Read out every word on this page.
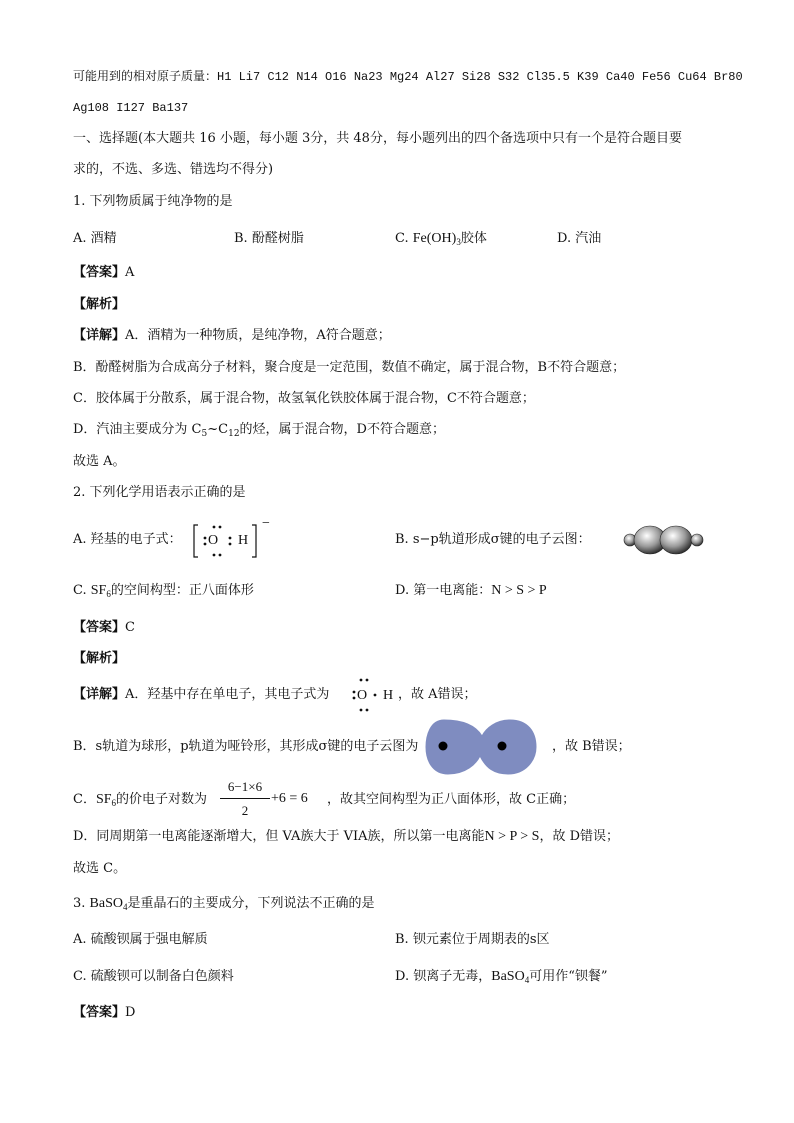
可能用到的相对原子质量：H1 Li7 C12 N14 O16 Na23 Mg24 Al27 Si28 S32 Cl35.5 K39 Ca40 Fe56 Cu64 Br80
Ag108 I127 Ba137
一、选择题(本大题共 16 小题，每小题 3分，共 48分，每小题列出的四个备选项中只有一个是符合题目要
求的，不选、多选、错选均不得分)
1. 下列物质属于纯净物的是
A. 酒精	B. 酚醛树脂	C. $Fe(OH)_3$胶体	D. 汽油
【答案】A
【解析】
【详解】A．酒精为一种物质，是纯净物，A符合题意；
B．酚醛树脂为合成高分子材料，聚合度是一定范围，数值不确定，属于混合物，B不符合题意；
C．胶体属于分散系，属于混合物，故氢氧化铁胶体属于混合物，C不符合题意；
D．汽油主要成分为 $C_5\sim C_{12}$的烃，属于混合物，D不符合题意；
故选 A。
2. 下列化学用语表示正确的是
A. 羟基的电子式： O H
−
B. s−p轨道形成σ键的电子云图：
C. $SF_6$的空间构型：正八面体形	D. 第一电离能：N > S > P
【答案】C
【解析】
【详解】A．羟基中存在单电子，其电子式为 O H ，故 A错误；
B．s轨道为球形，p轨道为哑铃形，其形成σ键的电子云图为	，故 B错误；
C．$SF_6$的价电子对数为
6−1×6
2
+6 = 6 ，故其空间构型为正八面体形，故 C正确；
D．同周期第一电离能逐渐增大，但 VA族大于 VIA族，所以第一电离能N > P > S，故 D错误；
故选 C。
3. BaSO$_4$是重晶石的主要成分，下列说法不正确的是
A. 硫酸钡属于强电解质	B. 钡元素位于周期表的s区
C. 硫酸钡可以制备白色颜料	D. 钡离子无毒，BaSO$_4$可用作“钡餐”
【答案】D
